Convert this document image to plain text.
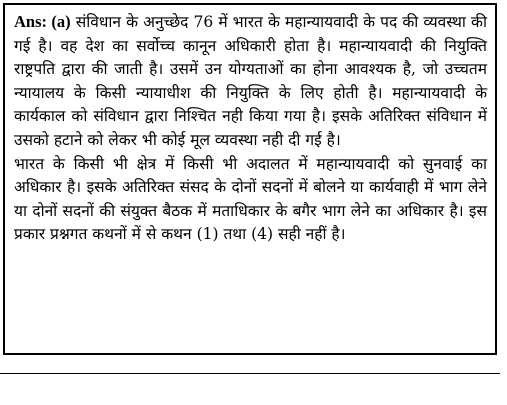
Ans: (a) संविधान के अनुच्छेद 76 में भारत के महान्यायवादी के पद की व्यवस्था की गई है। वह देश का सर्वोच्च कानून अधिकारी होता है। महान्यायवादी की नियुक्ति राष्ट्रपति द्वारा की जाती है। उसमें उन योग्यताओं का होना आवश्यक है, जो उच्चतम न्यायालय के किसी न्यायाधीश की नियुक्ति के लिए होती है। महान्यायवादी के कार्यकाल को संविधान द्वारा निश्चित नही किया गया है। इसके अतिरिक्त संविधान में उसको हटाने को लेकर भी कोई मूल व्यवस्था नही दी गई है।

भारत के किसी भी क्षेत्र में किसी भी अदालत में महान्यायवादी को सुनवाई का अधिकार है। इसके अतिरिक्त संसद के दोनों सदनों में बोलने या कार्यवाही में भाग लेने या दोनों सदनों की संयुक्त बैठक में मताधिकार के बगैर भाग लेने का अधिकार है। इस प्रकार प्रश्नगत कथनों में से कथन (1) तथा (4) सही नहीं है।
